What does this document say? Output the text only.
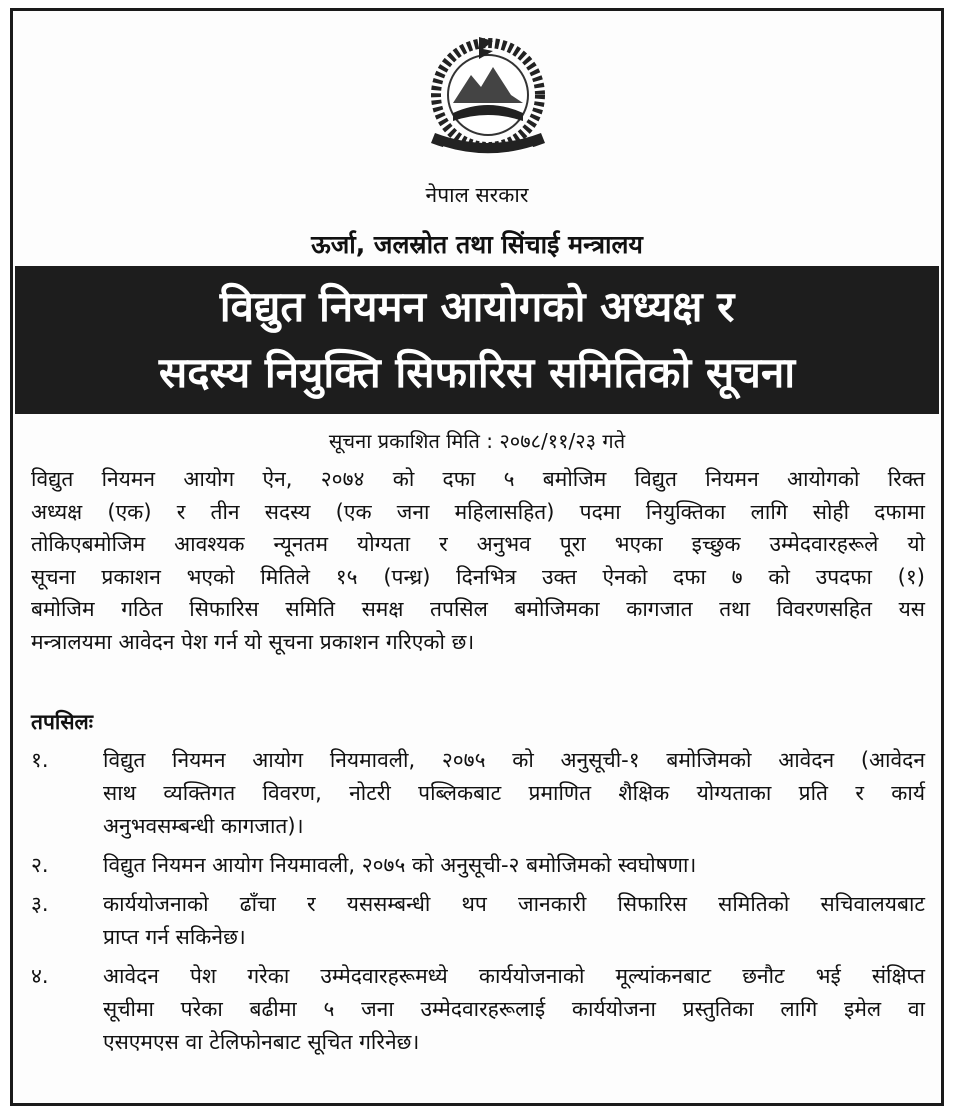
नेपाल सरकार
ऊर्जा, जलस्रोत तथा सिंचाई मन्त्रालय
विद्युत नियमन आयोगको अध्यक्ष र
सदस्य नियुक्ति सिफारिस समितिको सूचना
सूचना प्रकाशित मिति : २०७८/११/२३ गते
विद्युत नियमन आयोग ऐन, २०७४ को दफा ५ बमोजिम विद्युत नियमन आयोगको रिक्त
अध्यक्ष (एक) र तीन सदस्य (एक जना महिलासहित) पदमा नियुक्तिका लागि सोही दफामा
तोकिएबमोजिम आवश्यक न्यूनतम योग्यता र अनुभव पूरा भएका इच्छुक उम्मेदवारहरूले यो
सूचना प्रकाशन भएको मितिले १५ (पन्ध्र) दिनभित्र उक्त ऐनको दफा ७ को उपदफा (१)
बमोजिम गठित सिफारिस समिति समक्ष तपसिल बमोजिमका कागजात तथा विवरणसहित यस
मन्त्रालयमा आवेदन पेश गर्न यो सूचना प्रकाशन गरिएको छ।
तपसिलः
१.	विद्युत नियमन आयोग नियमावली, २०७५ को अनुसूची-१ बमोजिमको आवेदन (आवेदन
साथ व्यक्तिगत विवरण, नोटरी पब्लिकबाट प्रमाणित शैक्षिक योग्यताका प्रति र कार्य
अनुभवसम्बन्धी कागजात)।
२.	विद्युत नियमन आयोग नियमावली, २०७५ को अनुसूची-२ बमोजिमको स्वघोषणा।
३.	कार्ययोजनाको ढाँचा र यससम्बन्धी थप जानकारी सिफारिस समितिको सचिवालयबाट
प्राप्त गर्न सकिनेछ।
४.	आवेदन पेश गरेका उम्मेदवारहरूमध्ये कार्ययोजनाको मूल्यांकनबाट छनौट भई संक्षिप्त
सूचीमा परेका बढीमा ५ जना उम्मेदवारहरूलाई कार्ययोजना प्रस्तुतिका लागि इमेल वा
एसएमएस वा टेलिफोनबाट सूचित गरिनेछ।
